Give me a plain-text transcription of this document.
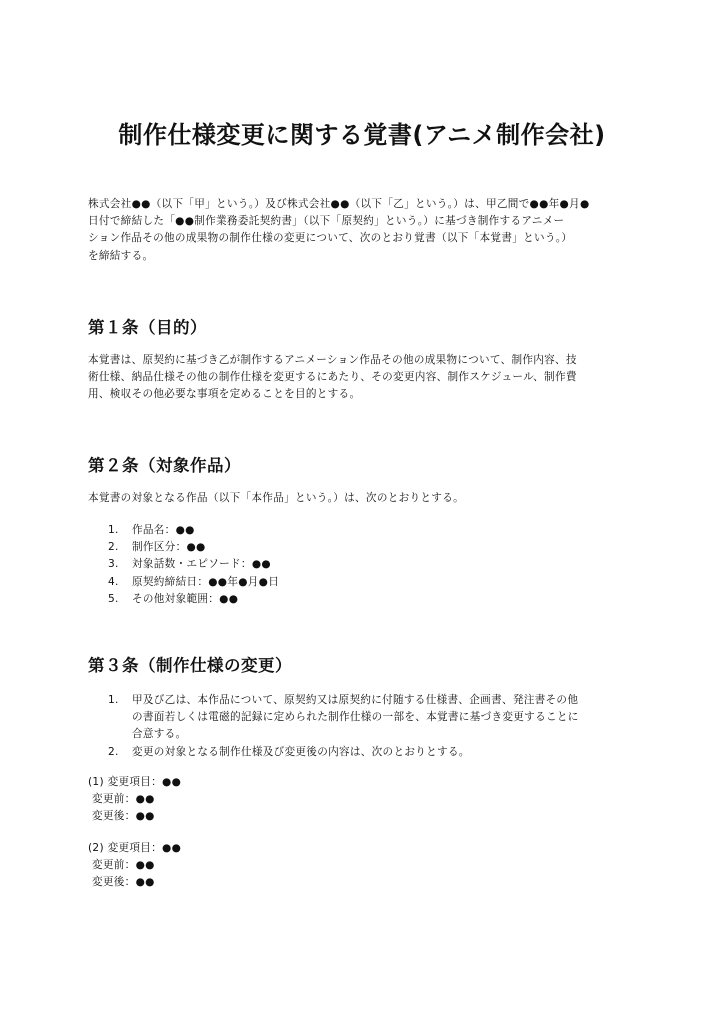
制作仕様変更に関する覚書(アニメ制作会社)
株式会社●●（以下「甲」という。）及び株式会社●●（以下「乙」という。）は、甲乙間で●●年●月●
日付で締結した「●●制作業務委託契約書」（以下「原契約」という。）に基づき制作するアニメー
ション作品その他の成果物の制作仕様の変更について、次のとおり覚書（以下「本覚書」という。）
を締結する。
第１条（目的）
本覚書は、原契約に基づき乙が制作するアニメーション作品その他の成果物について、制作内容、技
術仕様、納品仕様その他の制作仕様を変更するにあたり、その変更内容、制作スケジュール、制作費
用、検収その他必要な事項を定めることを目的とする。
第２条（対象作品）
本覚書の対象となる作品（以下「本作品」という。）は、次のとおりとする。
1. 作品名：●●
2. 制作区分：●●
3. 対象話数・エピソード：●●
4. 原契約締結日：●●年●月●日
5. その他対象範囲：●●
第３条（制作仕様の変更）
1. 甲及び乙は、本作品について、原契約又は原契約に付随する仕様書、企画書、発注書その他
の書面若しくは電磁的記録に定められた制作仕様の一部を、本覚書に基づき変更することに
合意する。
2. 変更の対象となる制作仕様及び変更後の内容は、次のとおりとする。
(1) 変更項目：●●
変更前：●●
変更後：●●
(2) 変更項目：●●
変更前：●●
変更後：●●
